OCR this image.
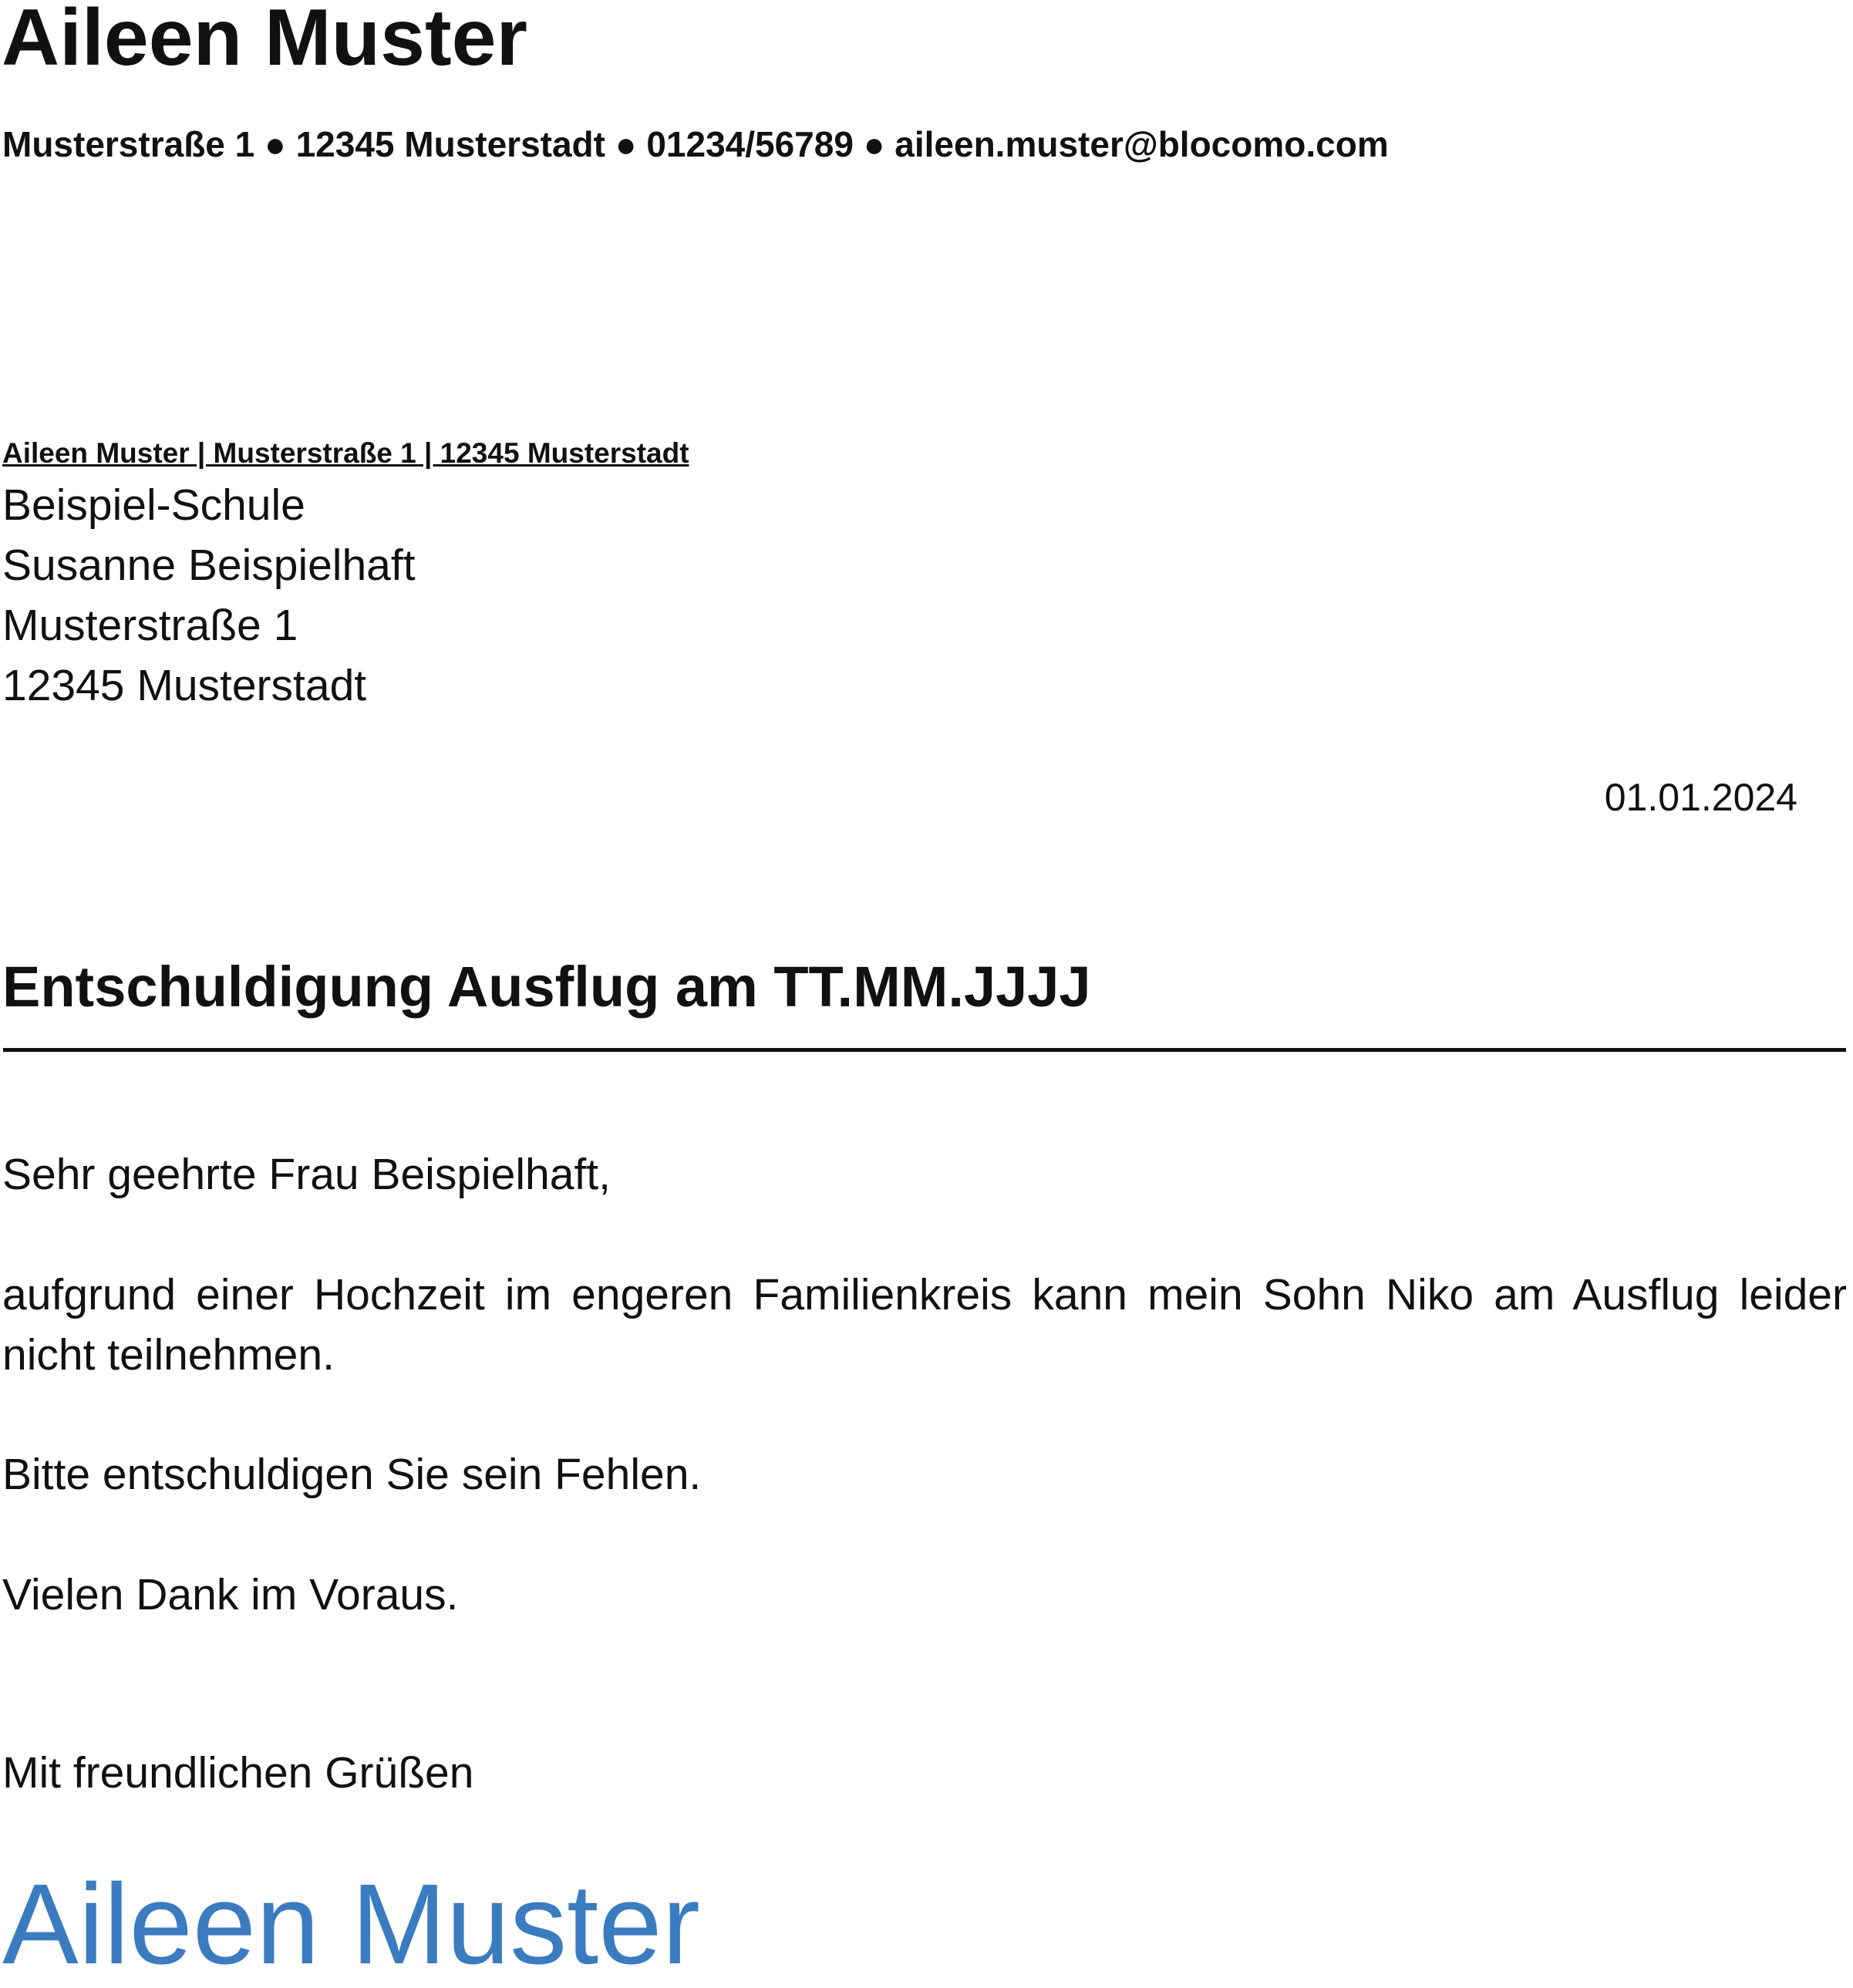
Aileen Muster
Musterstraße 1 ● 12345 Musterstadt ● 01234/56789 ● aileen.muster@blocomo.com
Aileen Muster | Musterstraße 1 | 12345 Musterstadt
Beispiel-Schule
Susanne Beispielhaft
Musterstraße 1
12345 Musterstadt
01.01.2024
Entschuldigung Ausflug am TT.MM.JJJJ
Sehr geehrte Frau Beispielhaft,
aufgrund einer Hochzeit im engeren Familienkreis kann mein Sohn Niko am Ausflug leider nicht teilnehmen.
Bitte entschuldigen Sie sein Fehlen.
Vielen Dank im Voraus.
Mit freundlichen Grüßen
Aileen Muster
